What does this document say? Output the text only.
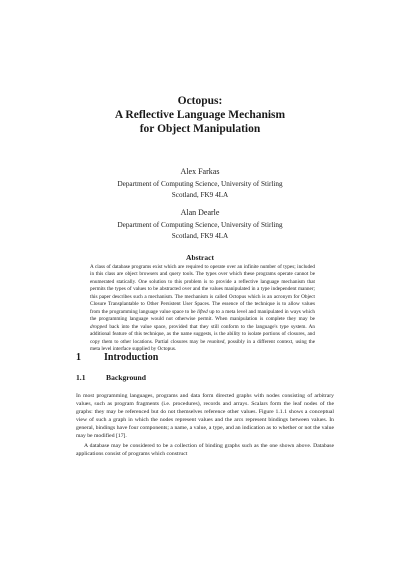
Octopus:
A Reflective Language Mechanism
for Object Manipulation
Alex Farkas
Department of Computing Science, University of Stirling
Scotland, FK9 4LA
Alan Dearle
Department of Computing Science, University of Stirling
Scotland, FK9 4LA
Abstract

A class of database programs exist which are required to operate over an infinite number of types; included in this class are object browsers and query tools. The types over which these programs operate cannot be enumerated statically. One solution to this problem is to provide a reflective language mechanism that permits the types of values to be abstracted over and the values manipulated in a type independent manner; this paper describes such a mechanism. The mechanism is called Octopus which is an acronym for Object Closure Transplantable to Other Persistent User Spaces. The essence of the technique is to allow values from the programming language value space to be lifted up to a meta level and manipulated in ways which the programming language would not otherwise permit. When manipulation is complete they may be dropped back into the value space, provided that they still conform to the language's type system. An additional feature of this technique, as the name suggests, is the ability to isolate portions of closures, and copy them to other locations. Partial closures may be reunited, possibly in a different context, using the meta level interface supplied by Octopus.

1 Introduction
1.1	Background

In most programming languages, programs and data form directed graphs with nodes consisting of arbitrary values, such as program fragments (i.e. procedures), records and arrays. Scalars form the leaf nodes of the graphs: they may be referenced but do not themselves reference other values. Figure 1.1.1 shows a conceptual view of such a graph in which the nodes represent values and the arcs represent bindings between values. In general, bindings have four components; a name, a value, a type, and an indication as to whether or not the value may be modified [17].

A database may be considered to be a collection of binding graphs such as the one shown above. Database applications consist of programs which construct
